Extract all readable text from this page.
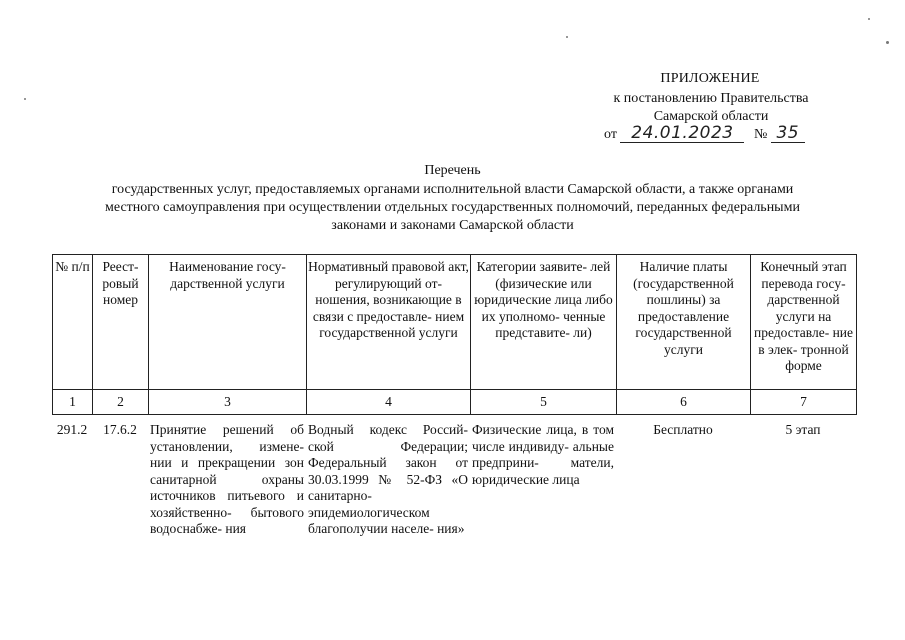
ПРИЛОЖЕНИЕ
к постановлению Правительства
Самарской области
от 24.01.2023 № 35
Перечень
государственных услуг, предоставляемых органами исполнительной власти Самарской области, а также органами
местного самоуправления при осуществлении отдельных государственных полномочий, переданных федеральными
законами и законами Самарской области
№ п/п	Реест- ровый номер	Наименование госу- дарственной услуги	Нормативный правовой акт, регулирующий от- ношения, возникающие в связи с предоставле- нием государственной услуги	Категории заявите- лей (физические или юридические лица либо их уполномо- ченные представите- ли)	Наличие платы (государственной пошлины) за предоставление государственной услуги	Конечный этап перевода госу- дарственной услуги на предоставле- ние в элек- тронной форме
1	2	3	4	5	6	7
291.2	17.6.2	Принятие решений об установлении, измене- нии и прекращении зон санитарной охраны источников питьевого и хозяйственно- бытового водоснабже- ния	Водный кодекс Россий- ской Федерации; Федеральный закон от 30.03.1999 № 52-ФЗ «О санитарно- эпидемиологическом благополучии населе- ния»	Физические лица, в том числе индивиду- альные предприни- матели, юридические лица	Бесплатно	5 этап
